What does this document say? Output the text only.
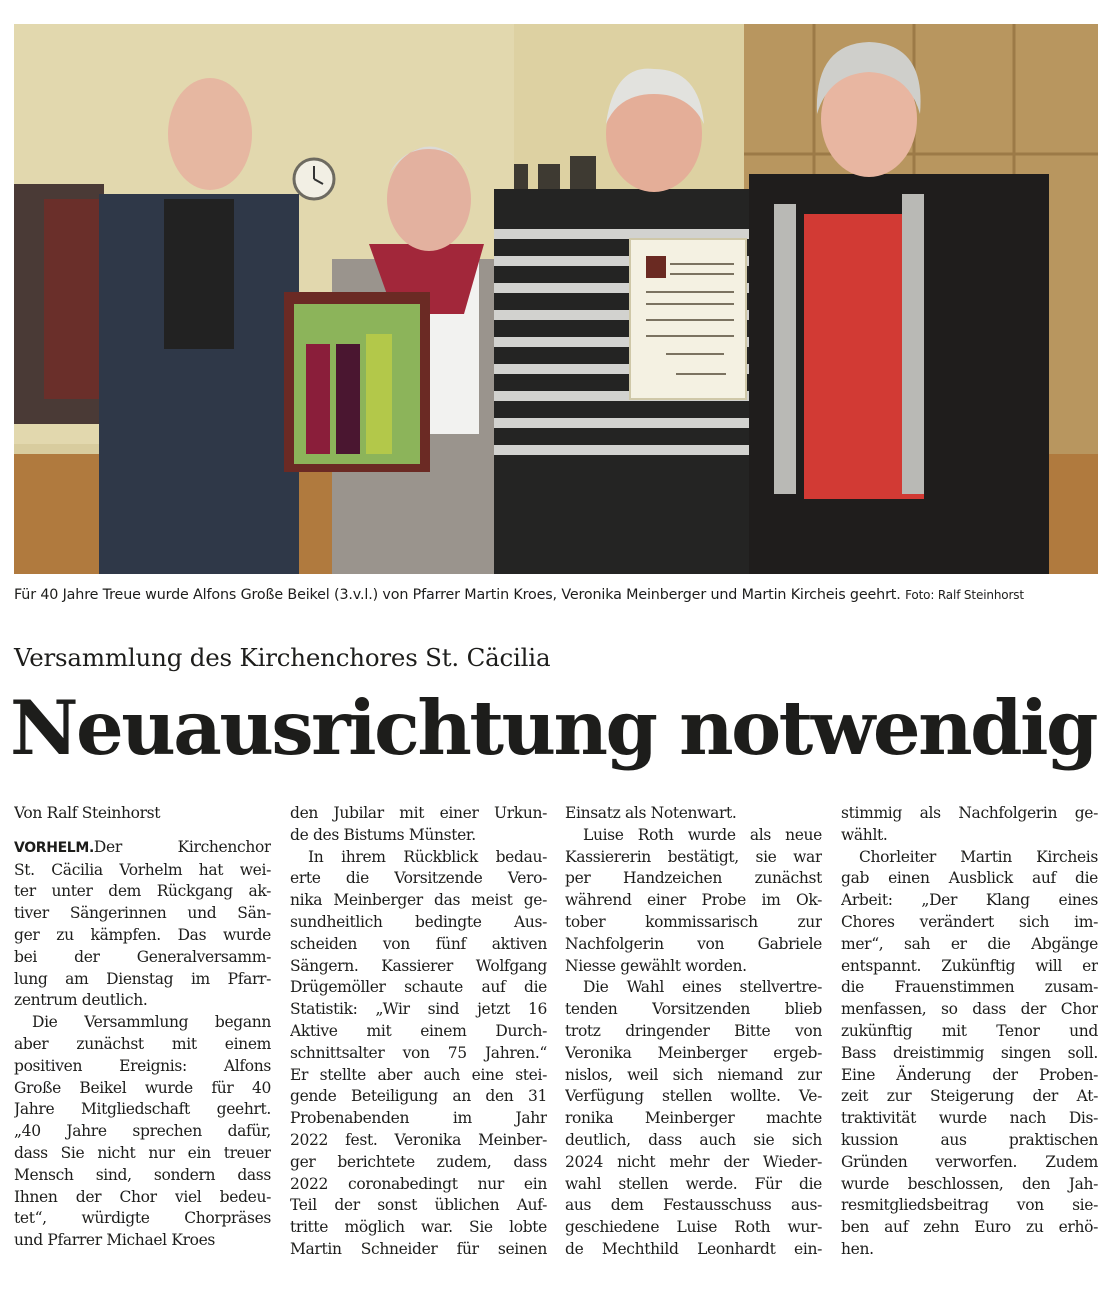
Für 40 Jahre Treue wurde Alfons Große Beikel (3.v.l.) von Pfarrer Martin Kroes, Veronika Meinberger und Martin Kircheis geehrt. Foto: Ralf Steinhorst
Versammlung des Kirchenchores St. Cäcilia
Neuausrichtung notwendig
Von Ralf Steinhorst
VORHELM.Der Kirchenchor
St. Cäcilia Vorhelm hat wei-
ter unter dem Rückgang ak-
tiver Sängerinnen und Sän-
ger zu kämpfen. Das wurde
bei der Generalversamm-
lung am Dienstag im Pfarr-
zentrum deutlich.
Die Versammlung begann
aber zunächst mit einem
positiven Ereignis: Alfons
Große Beikel wurde für 40
Jahre Mitgliedschaft geehrt.
„40 Jahre sprechen dafür,
dass Sie nicht nur ein treuer
Mensch sind, sondern dass
Ihnen der Chor viel bedeu-
tet“, würdigte Chorpräses
und Pfarrer Michael Kroes
den Jubilar mit einer Urkun-
de des Bistums Münster.
In ihrem Rückblick bedau-
erte die Vorsitzende Vero-
nika Meinberger das meist ge-
sundheitlich bedingte Aus-
scheiden von fünf aktiven
Sängern. Kassierer Wolfgang
Drügemöller schaute auf die
Statistik: „Wir sind jetzt 16
Aktive mit einem Durch-
schnittsalter von 75 Jahren.“
Er stellte aber auch eine stei-
gende Beteiligung an den 31
Probenabenden im Jahr
2022 fest. Veronika Meinber-
ger berichtete zudem, dass
2022 coronabedingt nur ein
Teil der sonst üblichen Auf-
tritte möglich war. Sie lobte
Martin Schneider für seinen
Einsatz als Notenwart.
Luise Roth wurde als neue
Kassiererin bestätigt, sie war
per Handzeichen zunächst
während einer Probe im Ok-
tober kommissarisch zur
Nachfolgerin von Gabriele
Niesse gewählt worden.
Die Wahl eines stellvertre-
tenden Vorsitzenden blieb
trotz dringender Bitte von
Veronika Meinberger ergeb-
nislos, weil sich niemand zur
Verfügung stellen wollte. Ve-
ronika Meinberger machte
deutlich, dass auch sie sich
2024 nicht mehr der Wieder-
wahl stellen werde. Für die
aus dem Festausschuss aus-
geschiedene Luise Roth wur-
de Mechthild Leonhardt ein-
stimmig als Nachfolgerin ge-
wählt.
Chorleiter Martin Kircheis
gab einen Ausblick auf die
Arbeit: „Der Klang eines
Chores verändert sich im-
mer“, sah er die Abgänge
entspannt. Zukünftig will er
die Frauenstimmen zusam-
menfassen, so dass der Chor
zukünftig mit Tenor und
Bass dreistimmig singen soll.
Eine Änderung der Proben-
zeit zur Steigerung der At-
traktivität wurde nach Dis-
kussion aus praktischen
Gründen verworfen. Zudem
wurde beschlossen, den Jah-
resmitgliedsbeitrag von sie-
ben auf zehn Euro zu erhö-
hen.
